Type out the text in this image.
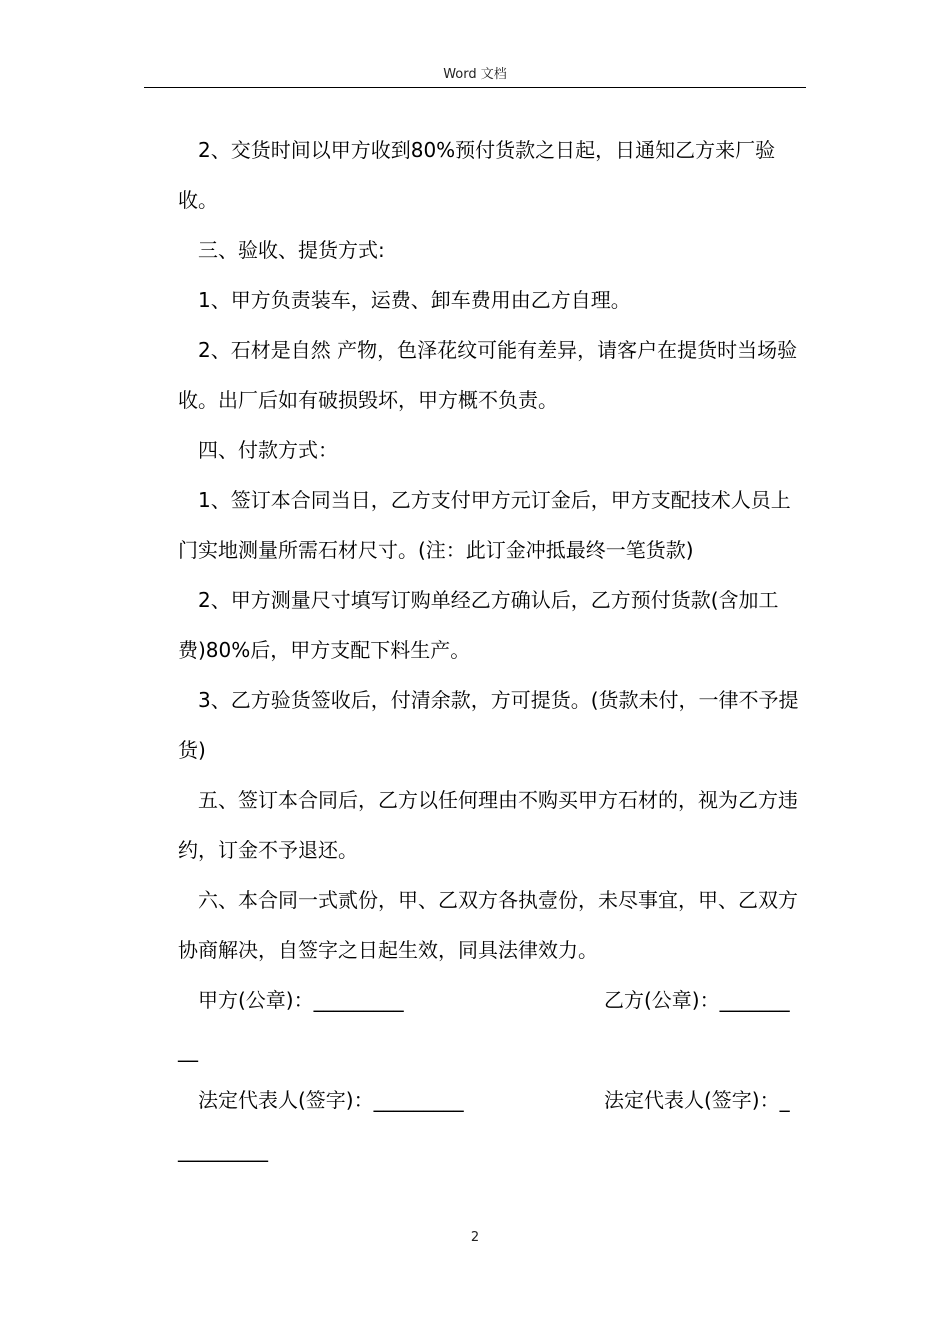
Word 文档

2、交货时间以甲方收到80%预付货款之日起，日通知乙方来厂验收。

三、验收、提货方式:

1、甲方负责装车，运费、卸车费用由乙方自理。

2、石材是自然 产物，色泽花纹可能有差异，请客户在提货时当场验收。出厂后如有破损毁坏，甲方概不负责。

四、付款方式：

1、签订本合同当日，乙方支付甲方元订金后，甲方支配技术人员上门实地测量所需石材尺寸。(注：此订金冲抵最终一笔货款)

2、甲方测量尺寸填写订购单经乙方确认后，乙方预付货款(含加工费)80%后，甲方支配下料生产。

3、乙方验货签收后，付清余款，方可提货。(货款未付，一律不予提货)

五、签订本合同后，乙方以任何理由不购买甲方石材的，视为乙方违约，订金不予退还。

六、本合同一式贰份，甲、乙双方各执壹份，未尽事宜，甲、乙双方协商解决，自签字之日起生效，同具法律效力。

甲方(公章)：_________	乙方(公章)：_______
__
法定代表人(签字)：_________	法定代表人(签字)：_
_________
2
